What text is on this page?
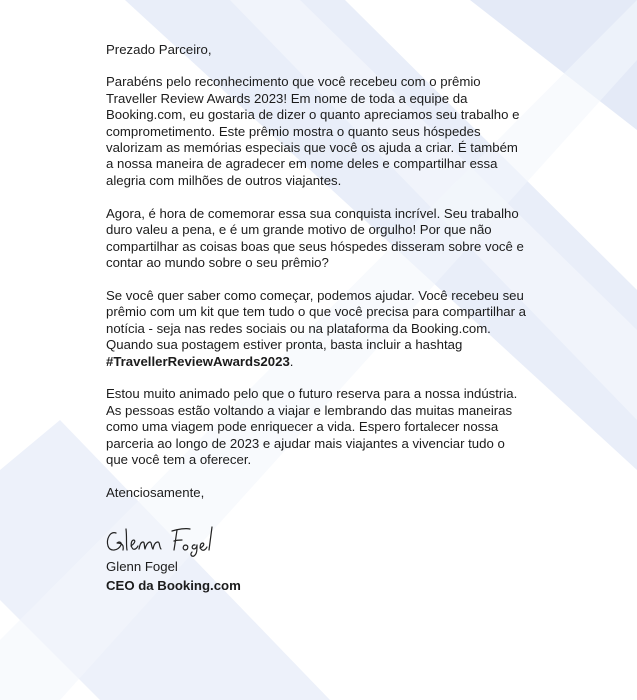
Prezado Parceiro,

Parabéns pelo reconhecimento que você recebeu com o prêmio Traveller Review Awards 2023! Em nome de toda a equipe da Booking.com, eu gostaria de dizer o quanto apreciamos seu trabalho e comprometimento. Este prêmio mostra o quanto seus hóspedes valorizam as memórias especiais que você os ajuda a criar. É também a nossa maneira de agradecer em nome deles e compartilhar essa alegria com milhões de outros viajantes.

Agora, é hora de comemorar essa sua conquista incrível. Seu trabalho duro valeu a pena, e é um grande motivo de orgulho! Por que não compartilhar as coisas boas que seus hóspedes disseram sobre você e contar ao mundo sobre o seu prêmio?

Se você quer saber como começar, podemos ajudar. Você recebeu seu prêmio com um kit que tem tudo o que você precisa para compartilhar a notícia - seja nas redes sociais ou na plataforma da Booking.com. Quando sua postagem estiver pronta, basta incluir a hashtag #TravellerReviewAwards2023.

Estou muito animado pelo que o futuro reserva para a nossa indústria. As pessoas estão voltando a viajar e lembrando das muitas maneiras como uma viagem pode enriquecer a vida. Espero fortalecer nossa parceria ao longo de 2023 e ajudar mais viajantes a vivenciar tudo o que você tem a oferecer.

Atenciosamente,

Glenn Fogel

CEO da Booking.com
